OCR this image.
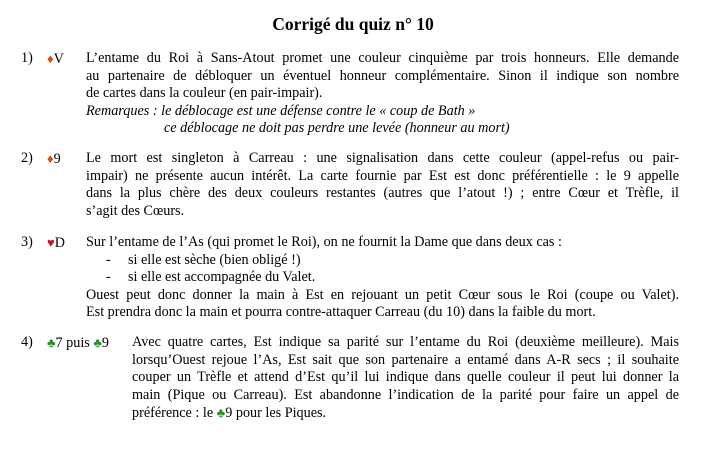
Corrigé du quiz n° 10
1) ♦V L’entame du Roi à Sans-Atout promet une couleur cinquième par trois honneurs. Elle demande
au partenaire de débloquer un éventuel honneur complémentaire. Sinon il indique son nombre
de cartes dans la couleur (en pair-impair).
Remarques : le déblocage est une défense contre le « coup de Bath »
ce déblocage ne doit pas perdre une levée (honneur au mort)
2) ♦9 Le mort est singleton à Carreau : une signalisation dans cette couleur (appel-refus ou pair-
impair) ne présente aucun intérêt. La carte fournie par Est est donc préférentielle : le 9 appelle
dans la plus chère des deux couleurs restantes (autres que l’atout !) ; entre Cœur et Trèfle, il
s’agit des Cœurs.
3) ♥D Sur l’entame de l’As (qui promet le Roi), on ne fournit la Dame que dans deux cas :
- si elle est sèche (bien obligé !)
- si elle est accompagnée du Valet.
Ouest peut donc donner la main à Est en rejouant un petit Cœur sous le Roi (coupe ou Valet).
Est prendra donc la main et pourra contre-attaquer Carreau (du 10) dans la faible du mort.
4) ♣7 puis ♣9 Avec quatre cartes, Est indique sa parité sur l’entame du Roi (deuxième meilleure). Mais
lorsqu’Ouest rejoue l’As, Est sait que son partenaire a entamé dans A-R secs ; il souhaite
couper un Trèfle et attend d’Est qu’il lui indique dans quelle couleur il peut lui donner la
main (Pique ou Carreau). Est abandonne l’indication de la parité pour faire un appel de
préférence : le ♣9 pour les Piques.
